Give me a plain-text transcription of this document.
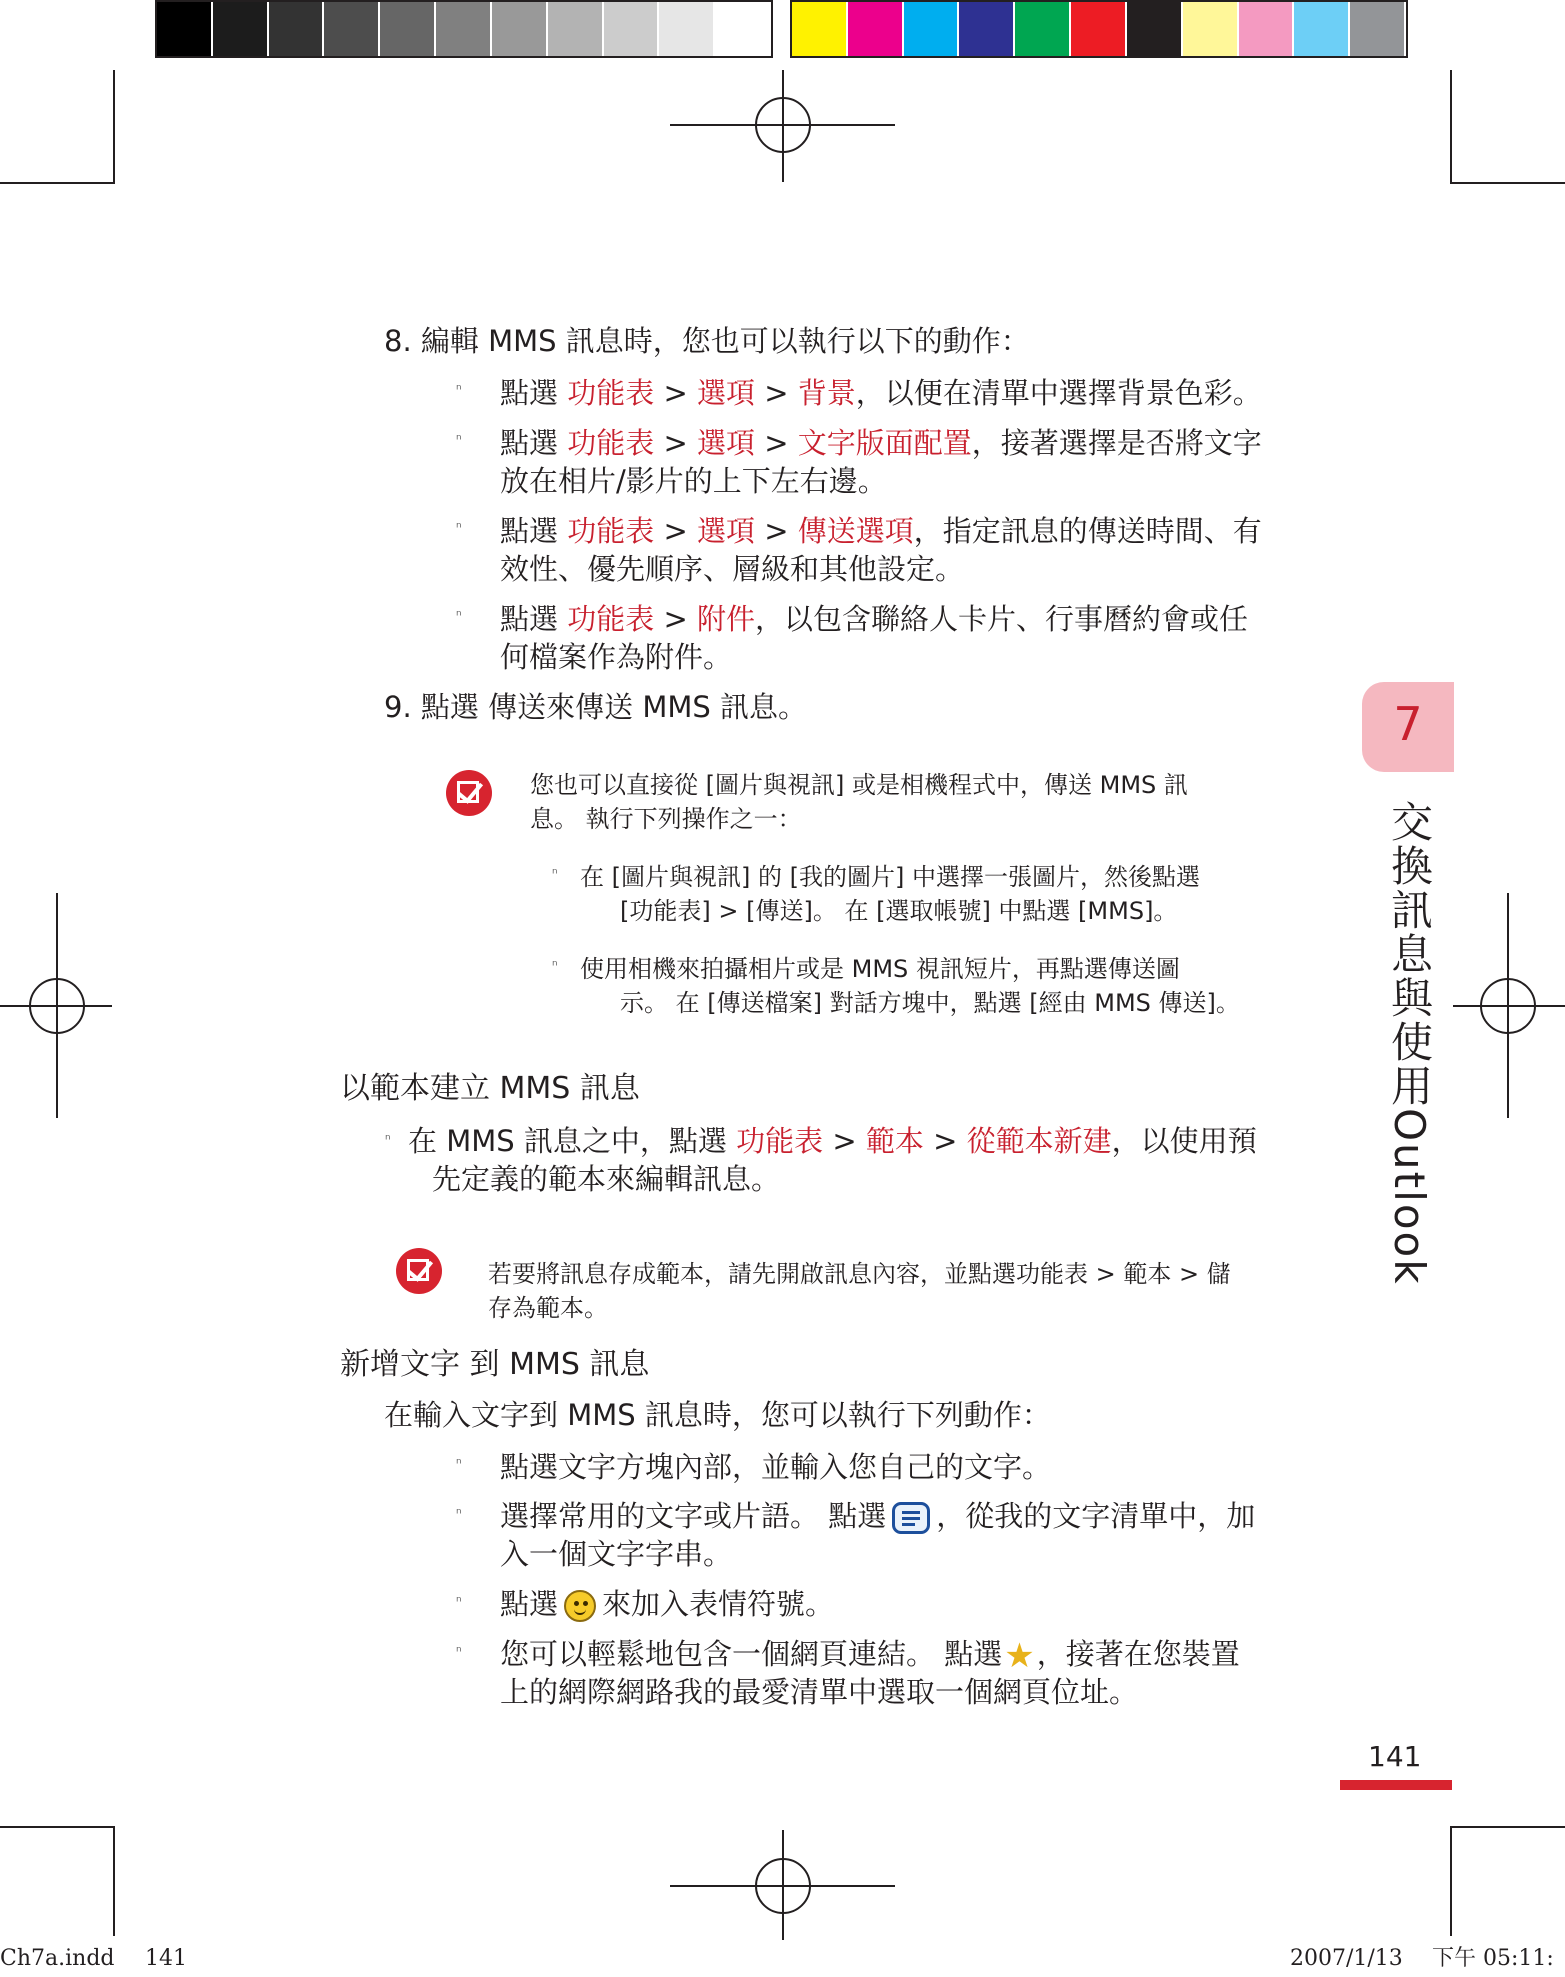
8. 編輯 MMS 訊息時，您也可以執行以下的動作：
ⁿ 點選 功能表 > 選項 > 背景，以便在清單中選擇背景色彩。
ⁿ 點選 功能表 > 選項 > 文字版面配置，接著選擇是否將文字
放在相片/影片的上下左右邊。
ⁿ 點選 功能表 > 選項 > 傳送選項，指定訊息的傳送時間、有
效性、優先順序、層級和其他設定。
ⁿ 點選 功能表 > 附件，以包含聯絡人卡片、行事曆約會或任
何檔案作為附件。
9. 點選 傳送來傳送 MMS 訊息。
您也可以直接從 [圖片與視訊] 或是相機程式中，傳送 MMS 訊
息。 執行下列操作之一：
ⁿ 在 [圖片與視訊] 的 [我的圖片] 中選擇一張圖片，然後點選
[功能表] > [傳送]。 在 [選取帳號] 中點選 [MMS]。
ⁿ 使用相機來拍攝相片或是 MMS 視訊短片，再點選傳送圖
示。 在 [傳送檔案] 對話方塊中，點選 [經由 MMS 傳送]。
以範本建立 MMS 訊息
ⁿ 在 MMS 訊息之中，點選 功能表 > 範本 > 從範本新建，以使用預
先定義的範本來編輯訊息。
若要將訊息存成範本，請先開啟訊息內容，並點選功能表 > 範本 > 儲
存為範本。
新增文字 到 MMS 訊息
在輸入文字到 MMS 訊息時，您可以執行下列動作：
ⁿ 點選文字方塊內部，並輸入您自己的文字。
ⁿ 選擇常用的文字或片語。 點選 ，從我的文字清單中，加
入一個文字字串。
ⁿ 點選 來加入表情符號。
ⁿ 您可以輕鬆地包含一個網頁連結。 點選★，接著在您裝置
上的網際網路我的最愛清單中選取一個網頁位址。
7
交換訊息與使用Outlook
141
Ch7a.indd 141	2007/1/13 下午 05:11:
